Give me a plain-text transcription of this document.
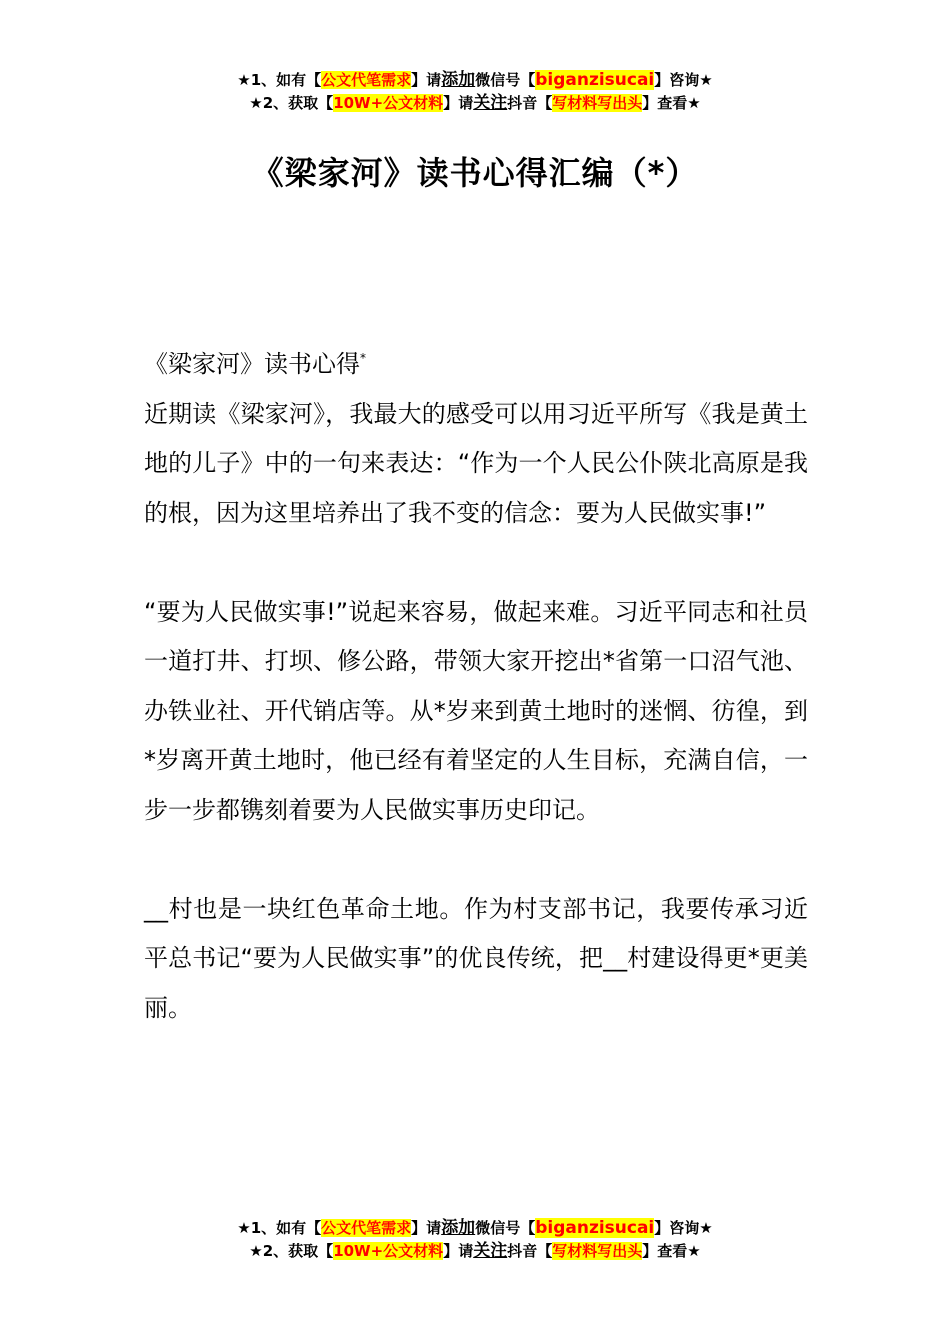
★1、如有【公文代笔需求】请添加微信号【biganzisucai】咨询★
★2、获取【10W+公文材料】请关注抖音【写材料写出头】查看★
《梁家河》读书心得汇编（*）

《梁家河》读书心得*

近期读《梁家河》，我最大的感受可以用习近平所写《我是黄土地的儿子》中的一句来表达：“作为一个人民公仆陕北高原是我的根，因为这里培养出了我不变的信念：要为人民做实事!”

“要为人民做实事!”说起来容易，做起来难。习近平同志和社员一道打井、打坝、修公路，带领大家开挖出*省第一口沼气池、办铁业社、开代销店等。从*岁来到黄土地时的迷惘、彷徨，到*岁离开黄土地时，他已经有着坚定的人生目标，充满自信，一步一步都镌刻着要为人民做实事历史印记。

__村也是一块红色革命土地。作为村支部书记，我要传承习近平总书记“要为人民做实事”的优良传统，把__村建设得更*更美丽。

★1、如有【公文代笔需求】请添加微信号【biganzisucai】咨询★
★2、获取【10W+公文材料】请关注抖音【写材料写出头】查看★
